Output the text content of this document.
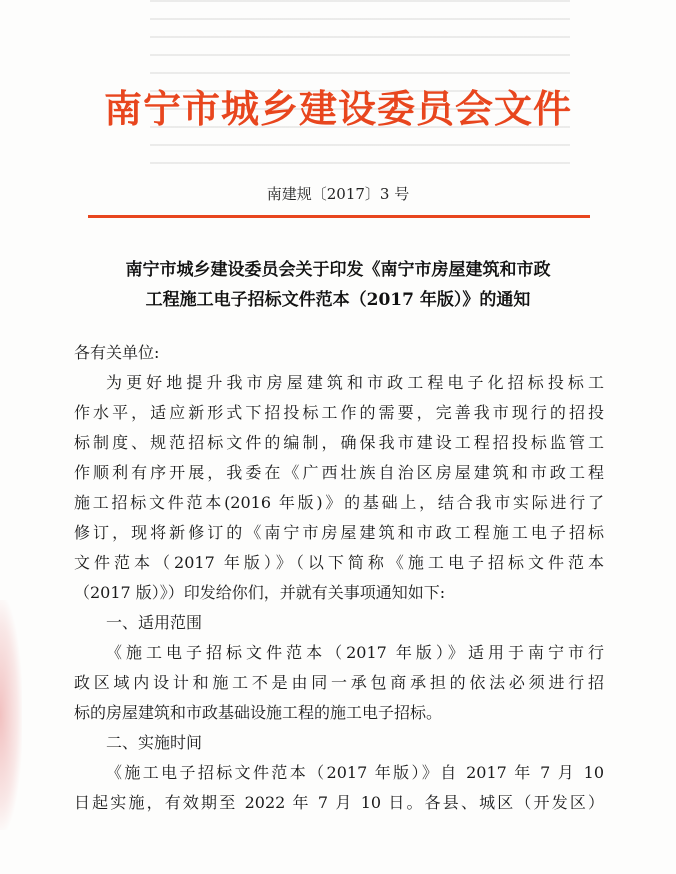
南宁市城乡建设委员会文件
南建规〔2017〕3 号
南宁市城乡建设委员会关于印发《南宁市房屋建筑和市政
工程施工电子招标文件范本（2017 年版）》的通知
各有关单位:
为更好地提升我市房屋建筑和市政工程电子化招标投标工
作水平，适应新形式下招投标工作的需要，完善我市现行的招投
标制度、规范招标文件的编制，确保我市建设工程招投标监管工
作顺利有序开展，我委在《广西壮族自治区房屋建筑和市政工程
施工招标文件范本(2016 年版)》的基础上，结合我市实际进行了
修订，现将新修订的《南宁市房屋建筑和市政工程施工电子招标
文件范本（2017 年版）》（以下简称《施工电子招标文件范本
（2017 版）》）印发给你们，并就有关事项通知如下:
一、适用范围
《施工电子招标文件范本（2017 年版）》适用于南宁市行
政区域内设计和施工不是由同一承包商承担的依法必须进行招
标的房屋建筑和市政基础设施工程的施工电子招标。
二、实施时间
《施工电子招标文件范本（2017 年版）》自 2017 年 7 月 10
日起实施，有效期至 2022 年 7 月 10 日。各县、城区（开发区）
